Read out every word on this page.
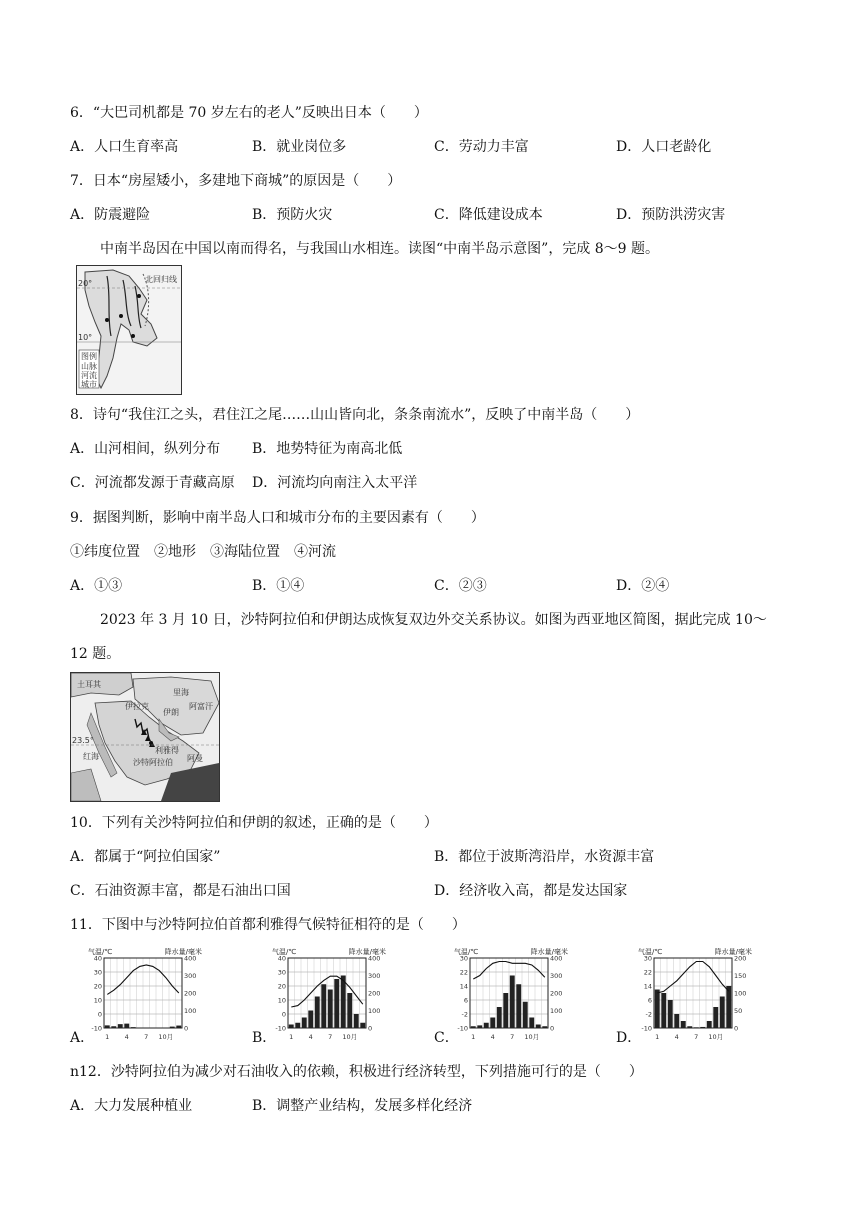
6．“大巴司机都是 70 岁左右的老人”反映出日本（　　）
A．人口生育率高	B．就业岗位多	C．劳动力丰富	D．人口老龄化
7．日本“房屋矮小，多建地下商城”的原因是（　　）
A．防震避险	B．预防火灾	C．降低建设成本	D．预防洪涝灾害
中南半岛因在中国以南而得名，与我国山水相连。读图“中南半岛示意图”，完成 8～9 题。
北回归线
20°
10°
图例
山脉
河流
城市
8．诗句“我住江之头，君住江之尾……山山皆向北，条条南流水”，反映了中南半岛（　　）
A．山河相间，纵列分布 B．地势特征为南高北低
C．河流都发源于青藏高原 D．河流均向南注入太平洋
9．据图判断，影响中南半岛人口和城市分布的主要因素有（　　）
①纬度位置　②地形　③海陆位置　④河流
A．①③	B．①④	C．②③	D．②④
2023 年 3 月 10 日，沙特阿拉伯和伊朗达成恢复双边外交关系协议。如图为西亚地区简图，据此完成 10～
12 题。
土耳其
里海
伊朗
阿富汗
伊拉克
利雅得
沙特阿拉伯 阿曼
红海
23.5°
10．下列有关沙特阿拉伯和伊朗的叙述，正确的是（　　）
A．都属于“阿拉伯国家”	B．都位于波斯湾沿岸，水资源丰富
C．石油资源丰富，都是石油出口国	D．经济收入高，都是发达国家
11．下图中与沙特阿拉伯首都利雅得气候特征相符的是（　　）
A．
40
30
20
10
0
-10
400
300
200
100
0
气温/℃	降水量/毫米
1 4 7 10月	B．
40
30
20
10
0
-10
400
300
200
100
0
气温/℃	降水量/毫米
1 4 7 10月	C．
30
22
14
6
-2
-10
400
300
200
100
0
气温/℃	降水量/毫米
1 4 7 10月	D．
30
22
14
6
-2
-10
200
150
100
50
0
气温/℃	降水量/毫米
1 4 7 10月
n12．沙特阿拉伯为减少对石油收入的依赖，积极进行经济转型，下列措施可行的是（　　）
A．大力发展种植业	B．调整产业结构，发展多样化经济
